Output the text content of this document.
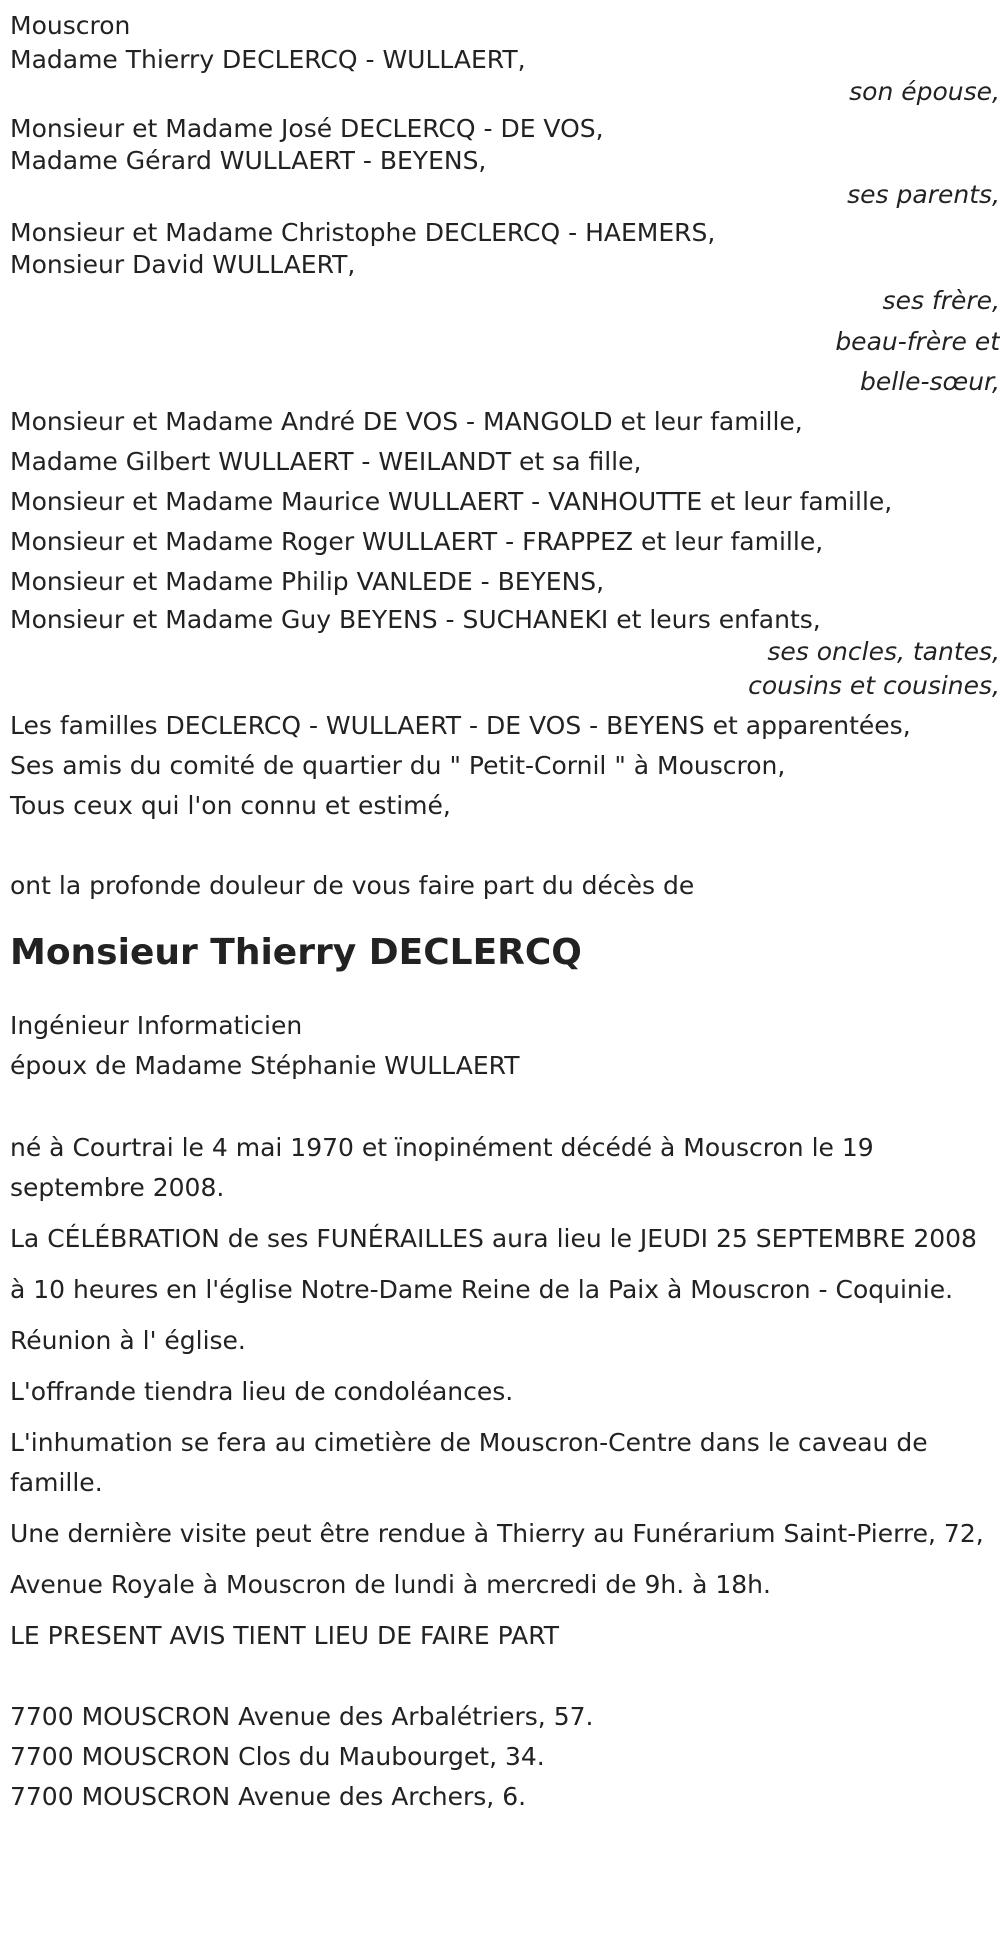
Mouscron
Madame Thierry DECLERCQ - WULLAERT,
son épouse,
Monsieur et Madame José DECLERCQ - DE VOS,
Madame Gérard WULLAERT - BEYENS,
ses parents,
Monsieur et Madame Christophe DECLERCQ - HAEMERS,
Monsieur David WULLAERT,
ses frère,
beau-frère et
belle-sœur,
Monsieur et Madame André DE VOS - MANGOLD et leur famille,
Madame Gilbert WULLAERT - WEILANDT et sa fille,
Monsieur et Madame Maurice WULLAERT - VANHOUTTE et leur famille,
Monsieur et Madame Roger WULLAERT - FRAPPEZ et leur famille,
Monsieur et Madame Philip VANLEDE - BEYENS,
Monsieur et Madame Guy BEYENS - SUCHANEKI et leurs enfants,
ses oncles, tantes,
cousins et cousines,
Les familles DECLERCQ - WULLAERT - DE VOS - BEYENS et apparentées,
Ses amis du comité de quartier du " Petit-Cornil " à Mouscron,
Tous ceux qui l'on connu et estimé,
ont la profonde douleur de vous faire part du décès de
Monsieur Thierry DECLERCQ
Ingénieur Informaticien
époux de Madame Stéphanie WULLAERT
né à Courtrai le 4 mai 1970 et ïnopinément décédé à Mouscron le 19 septembre 2008.
La CÉLÉBRATION de ses FUNÉRAILLES aura lieu le JEUDI 25 SEPTEMBRE 2008
à 10 heures en l'église Notre-Dame Reine de la Paix à Mouscron - Coquinie.
Réunion à l' église.
L'offrande tiendra lieu de condoléances.
L'inhumation se fera au cimetière de Mouscron-Centre dans le caveau de famille.
Une dernière visite peut être rendue à Thierry au Funérarium Saint-Pierre, 72,
Avenue Royale à Mouscron de lundi à mercredi de 9h. à 18h.
LE PRESENT AVIS TIENT LIEU DE FAIRE PART
7700 MOUSCRON Avenue des Arbalétriers, 57.
7700 MOUSCRON Clos du Maubourget, 34.
7700 MOUSCRON Avenue des Archers, 6.
